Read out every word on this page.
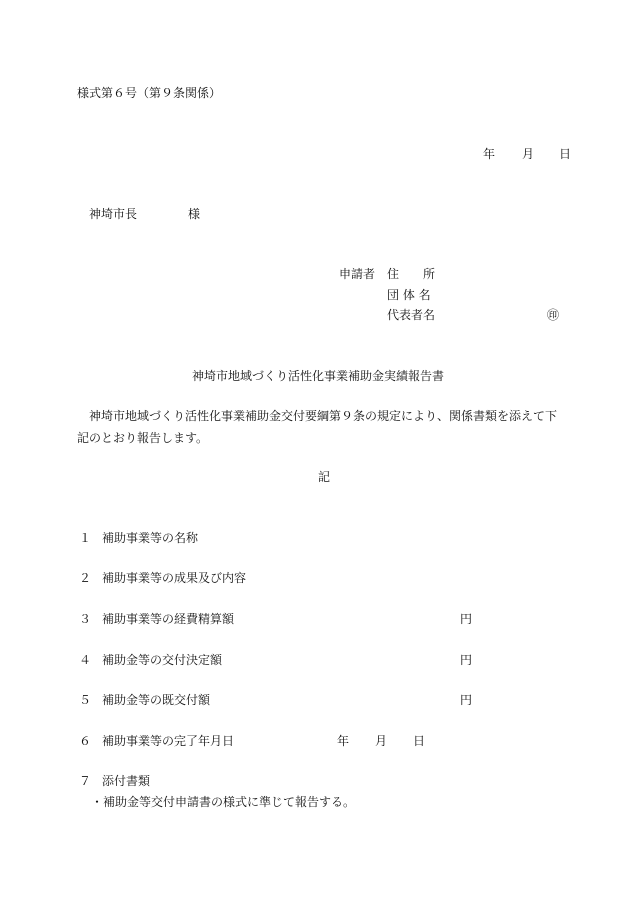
様式第６号（第９条関係）
年 月 日
神埼市長	様
申請者 住　　所
団 体 名
代表者名	㊞
神埼市地域づくり活性化事業補助金実績報告書
神埼市地域づくり活性化事業補助金交付要綱第９条の規定により、関係書類を添えて下
記のとおり報告します。
記
１ 補助事業等の名称
２ 補助事業等の成果及び内容
３ 補助事業等の経費精算額	円
４ 補助金等の交付決定額	円
５ 補助金等の既交付額	円
６ 補助事業等の完了年月日	年 月 日
７ 添付書類
・補助金等交付申請書の様式に準じて報告する。
